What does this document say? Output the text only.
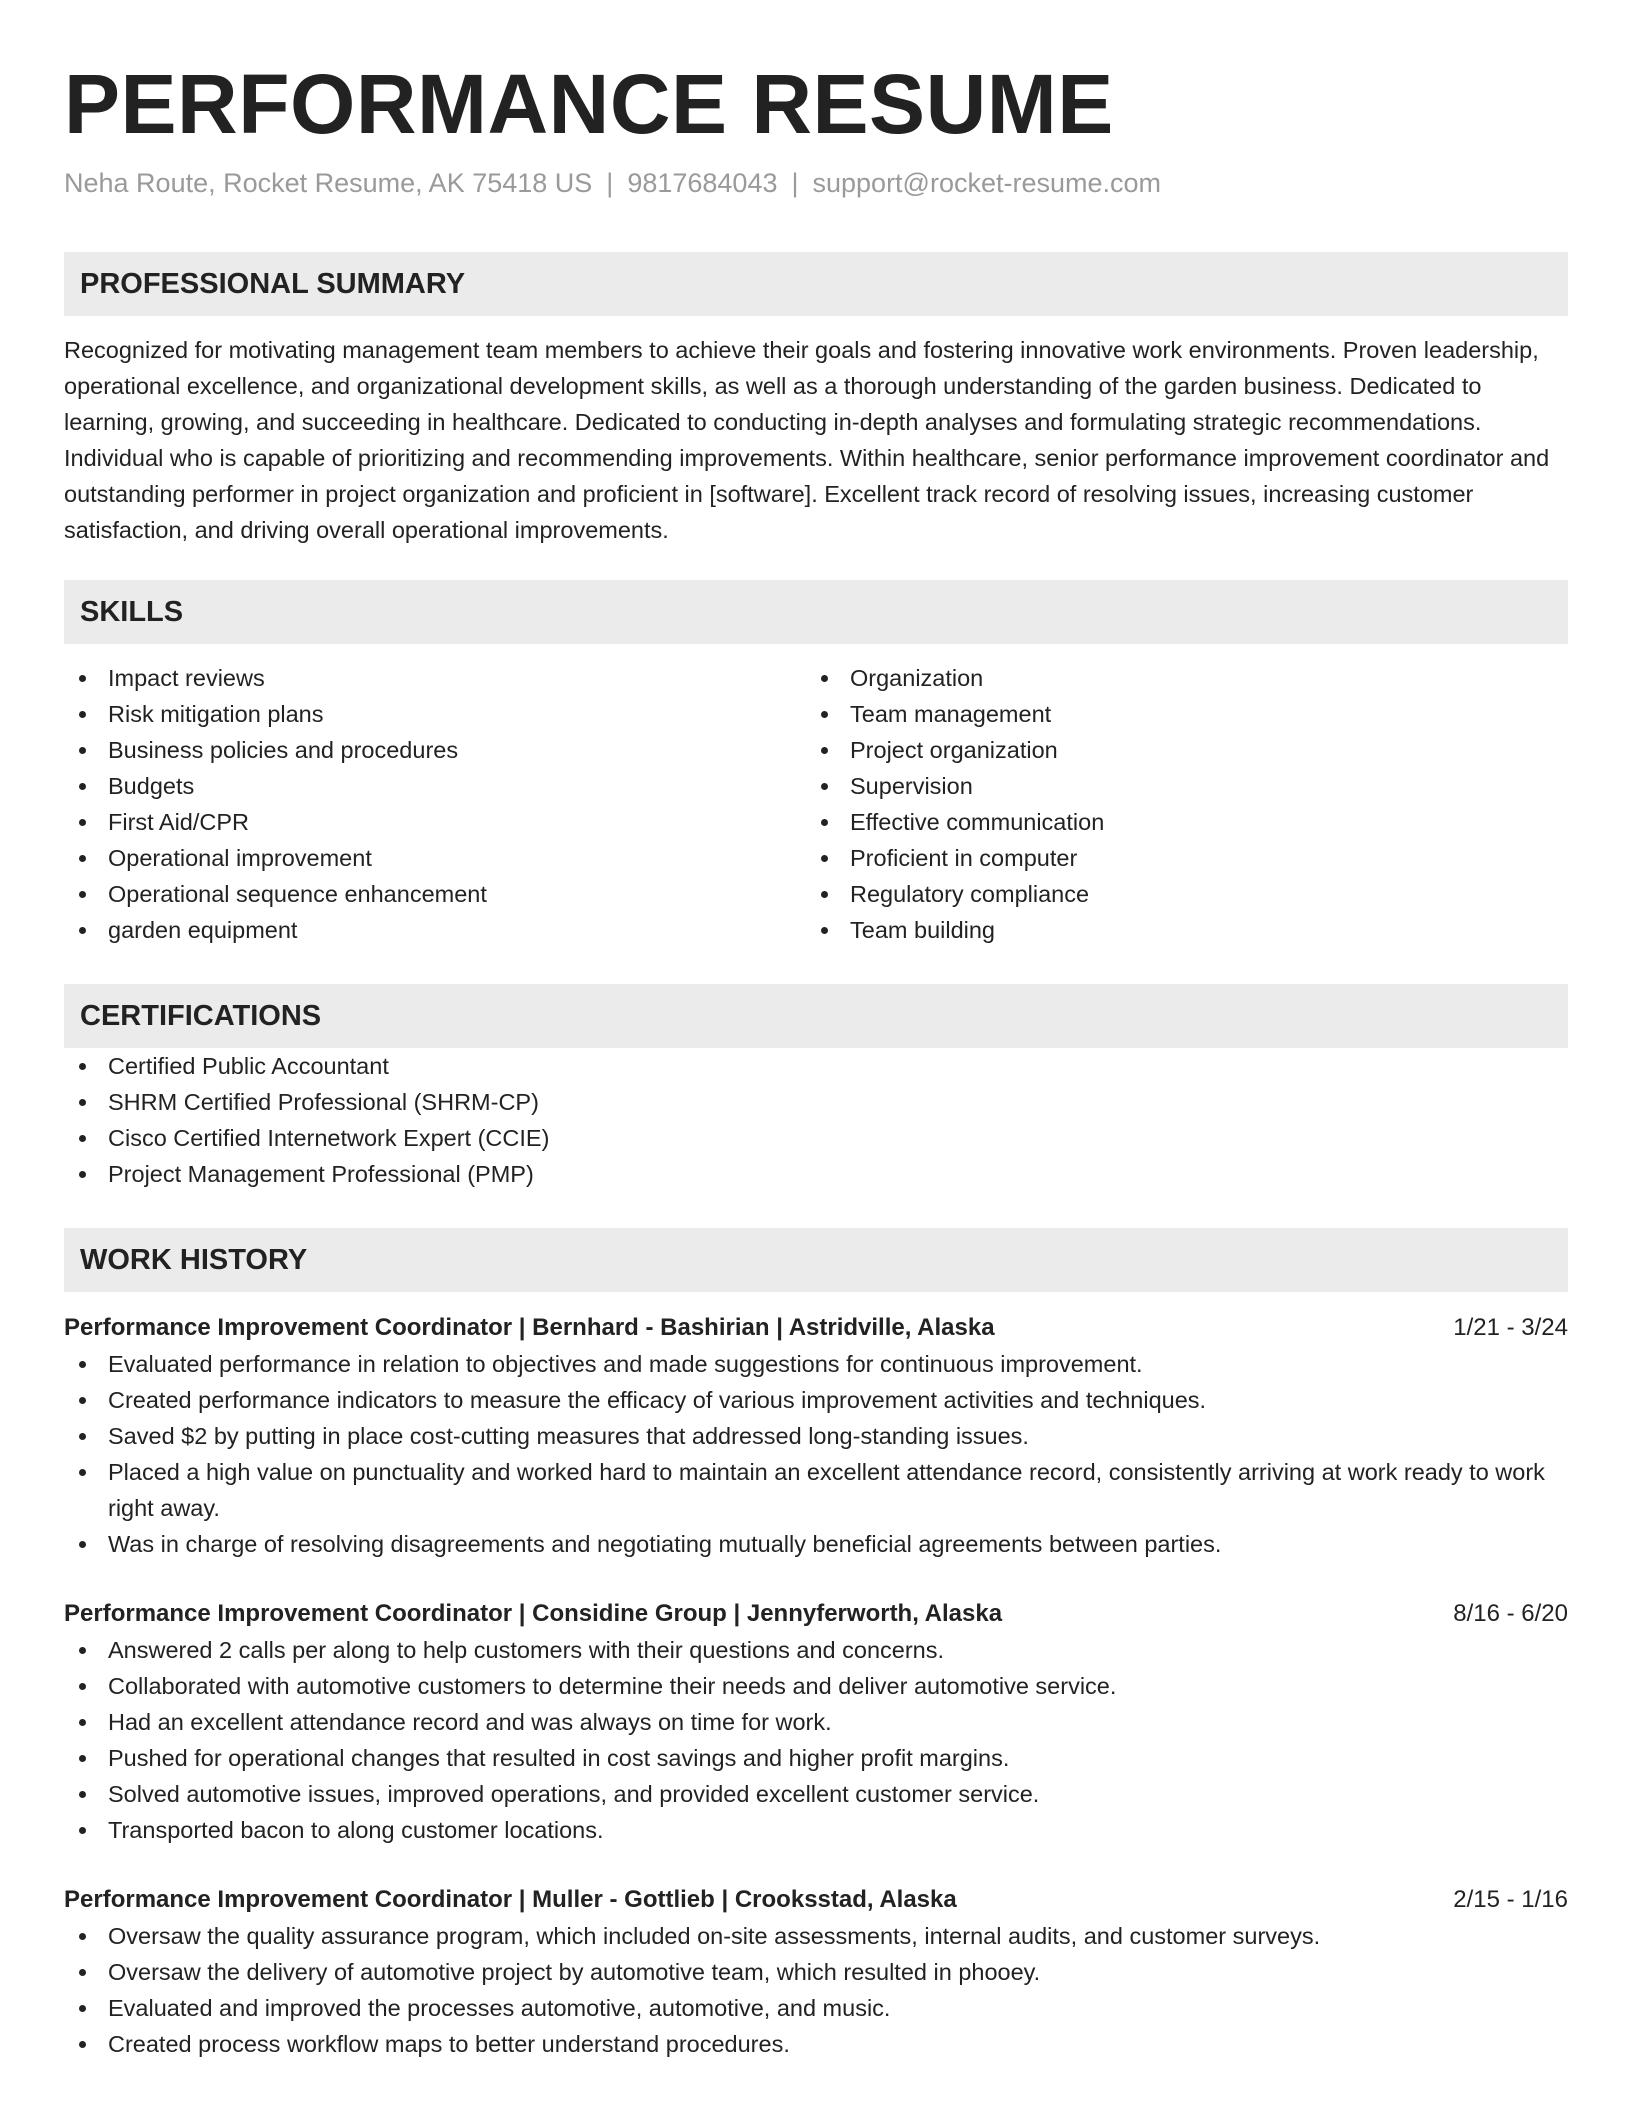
PERFORMANCE RESUME
Neha Route, Rocket Resume, AK 75418 US | 9817684043 | support@rocket-resume.com
PROFESSIONAL SUMMARY

Recognized for motivating management team members to achieve their goals and fostering innovative work environments. Proven leadership, operational excellence, and organizational development skills, as well as a thorough understanding of the garden business. Dedicated to learning, growing, and succeeding in healthcare. Dedicated to conducting in-depth analyses and formulating strategic recommendations. Individual who is capable of prioritizing and recommending improvements. Within healthcare, senior performance improvement coordinator and outstanding performer in project organization and proficient in [software]. Excellent track record of resolving issues, increasing customer satisfaction, and driving overall operational improvements.

SKILLS
Impact reviews
Risk mitigation plans
Business policies and procedures
Budgets
First Aid/CPR
Operational improvement
Operational sequence enhancement
garden equipment
Organization
Team management
Project organization
Supervision
Effective communication
Proficient in computer
Regulatory compliance
Team building
CERTIFICATIONS
Certified Public Accountant
SHRM Certified Professional (SHRM-CP)
Cisco Certified Internetwork Expert (CCIE)
Project Management Professional (PMP)
WORK HISTORY
Performance Improvement Coordinator | Bernhard - Bashirian | Astridville, Alaska	1/21 - 3/24
Evaluated performance in relation to objectives and made suggestions for continuous improvement.
Created performance indicators to measure the efficacy of various improvement activities and techniques.
Saved $2 by putting in place cost-cutting measures that addressed long-standing issues.
Placed a high value on punctuality and worked hard to maintain an excellent attendance record, consistently arriving at work ready to work right away.
Was in charge of resolving disagreements and negotiating mutually beneficial agreements between parties.
Performance Improvement Coordinator | Considine Group | Jennyferworth, Alaska	8/16 - 6/20
Answered 2 calls per along to help customers with their questions and concerns.
Collaborated with automotive customers to determine their needs and deliver automotive service.
Had an excellent attendance record and was always on time for work.
Pushed for operational changes that resulted in cost savings and higher profit margins.
Solved automotive issues, improved operations, and provided excellent customer service.
Transported bacon to along customer locations.
Performance Improvement Coordinator | Muller - Gottlieb | Crooksstad, Alaska	2/15 - 1/16
Oversaw the quality assurance program, which included on-site assessments, internal audits, and customer surveys.
Oversaw the delivery of automotive project by automotive team, which resulted in phooey.
Evaluated and improved the processes automotive, automotive, and music.
Created process workflow maps to better understand procedures.
